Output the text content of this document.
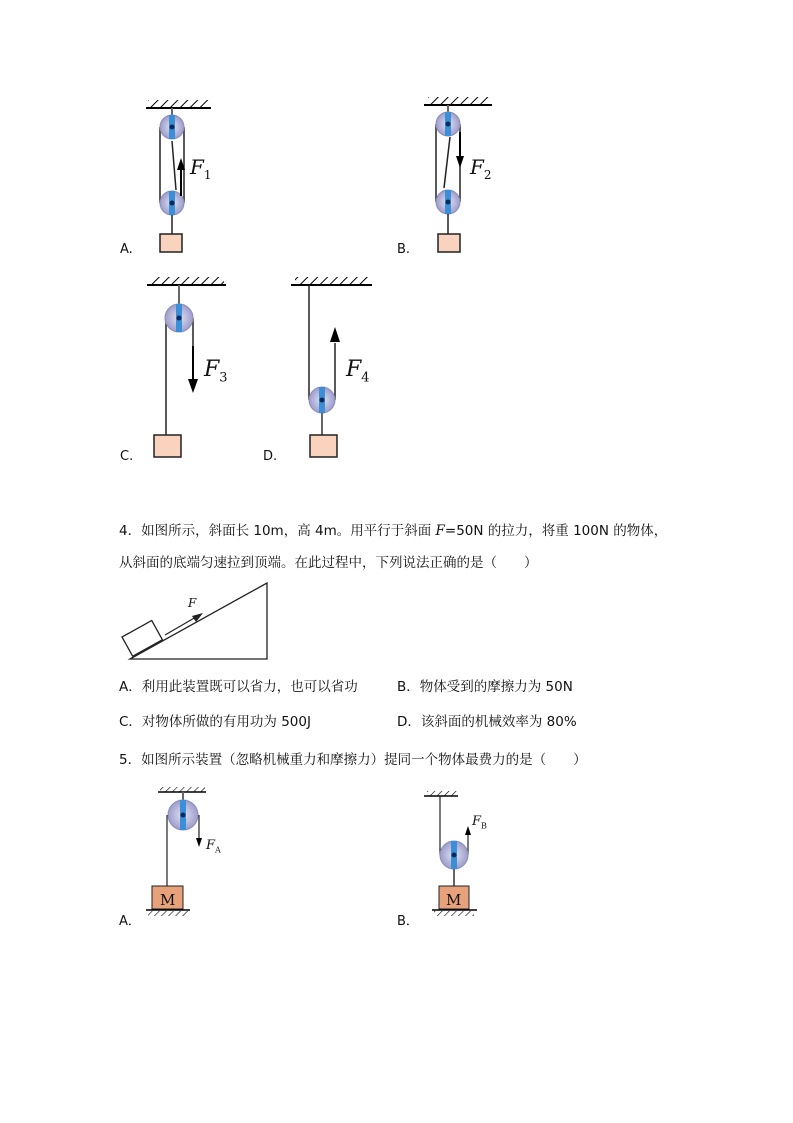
$F_1$	$F_2$
$F_3$	$F_4$
A.	B.
C.	D.
4．如图所示，斜面长 10m，高 4m。用平行于斜面 F=50N 的拉力，将重 100N 的物体，
从斜面的底端匀速拉到顶端。在此过程中，下列说法正确的是（　　）
F
A．利用此装置既可以省力，也可以省功	B．物体受到的摩擦力为 50N
C．对物体所做的有用功为 500J	D．该斜面的机械效率为 80%
5．如图所示装置（忽略机械重力和摩擦力）提同一个物体最费力的是（　　）
M	M
$F_A$
$F_B$
A．	B．
